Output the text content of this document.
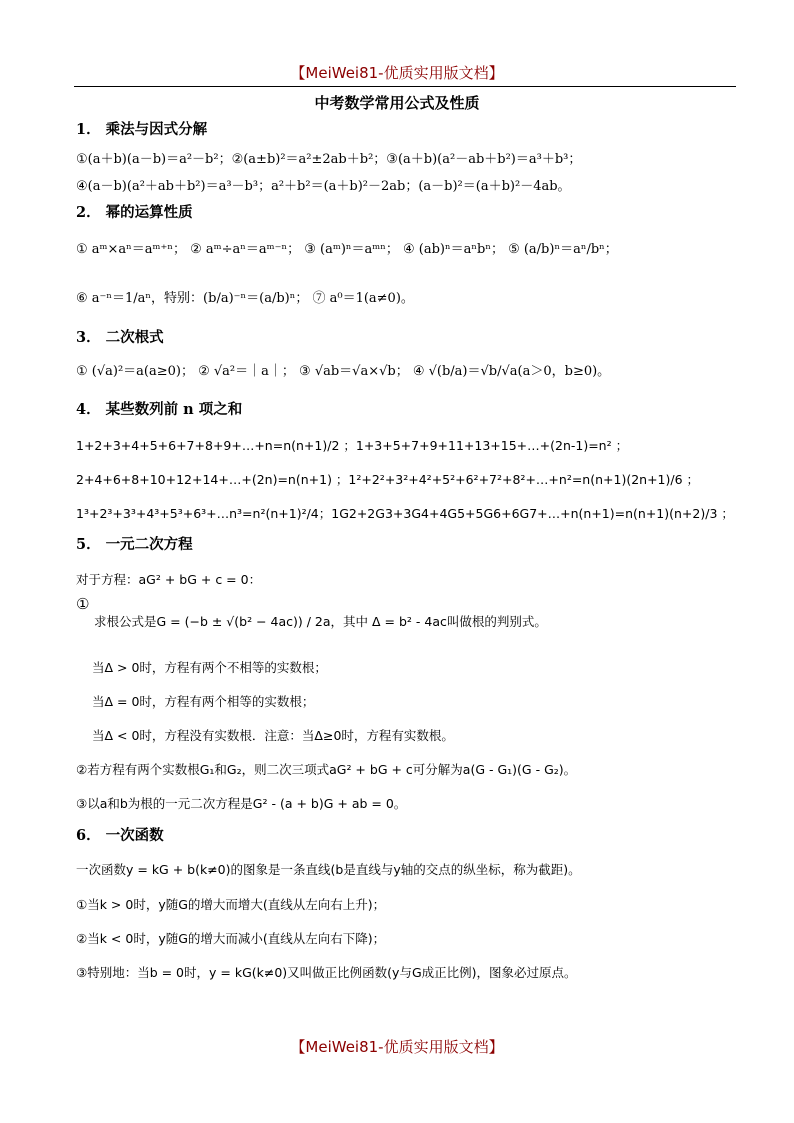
【MeiWei81-优质实用版文档】
中考数学常用公式及性质
1． 乘法与因式分解
①(a＋b)(a－b)＝a²－b²；②(a±b)²＝a²±2ab＋b²；③(a＋b)(a²－ab＋b²)＝a³＋b³；
④(a－b)(a²＋ab＋b²)＝a³－b³；a²＋b²＝(a＋b)²－2ab；(a－b)²＝(a＋b)²－4ab。
2． 幂的运算性质
① aᵐ×aⁿ＝aᵐ⁺ⁿ； ② aᵐ÷aⁿ＝aᵐ⁻ⁿ； ③ (aᵐ)ⁿ＝aᵐⁿ； ④ (ab)ⁿ＝aⁿbⁿ； ⑤ (a/b)ⁿ＝aⁿ/bⁿ；
⑥ a⁻ⁿ＝1/aⁿ，特别：(b/a)⁻ⁿ＝(a/b)ⁿ； ⑦ a⁰＝1(a≠0)。
3． 二次根式
① (√a)²＝a(a≥0)； ② √a²＝｜a｜； ③ √ab＝√a×√b； ④ √(b/a)＝√b/√a(a＞0，b≥0)。
4． 某些数列前 n 项之和
1+2+3+4+5+6+7+8+9+…+n=n(n+1)/2 ；1+3+5+7+9+11+13+15+…+(2n-1)=n² ；
2+4+6+8+10+12+14+…+(2n)=n(n+1) ；1²+2²+3²+4²+5²+6²+7²+8²+…+n²=n(n+1)(2n+1)/6 ；
1³+2³+3³+4³+5³+6³+…n³=n²(n+1)²/4；1G2+2G3+3G4+4G5+5G6+6G7+…+n(n+1)=n(n+1)(n+2)/3 ；
5． 一元二次方程
对于方程：aG² + bG + c = 0：
①
求根公式是G = (−b ± √(b² − 4ac)) / 2a，其中 Δ = b² - 4ac叫做根的判别式。
当Δ > 0时，方程有两个不相等的实数根；
当Δ = 0时，方程有两个相等的实数根；
当Δ < 0时，方程没有实数根．注意：当Δ≥0时，方程有实数根。
②若方程有两个实数根G₁和G₂，则二次三项式aG² + bG + c可分解为a(G - G₁)(G - G₂)。
③以a和b为根的一元二次方程是G² - (a + b)G + ab = 0。
6． 一次函数
一次函数y = kG + b(k≠0)的图象是一条直线(b是直线与y轴的交点的纵坐标，称为截距)。
①当k > 0时，y随G的增大而增大(直线从左向右上升)；
②当k < 0时，y随G的增大而减小(直线从左向右下降)；
③特别地：当b = 0时，y = kG(k≠0)又叫做正比例函数(y与G成正比例)，图象必过原点。
【MeiWei81-优质实用版文档】
